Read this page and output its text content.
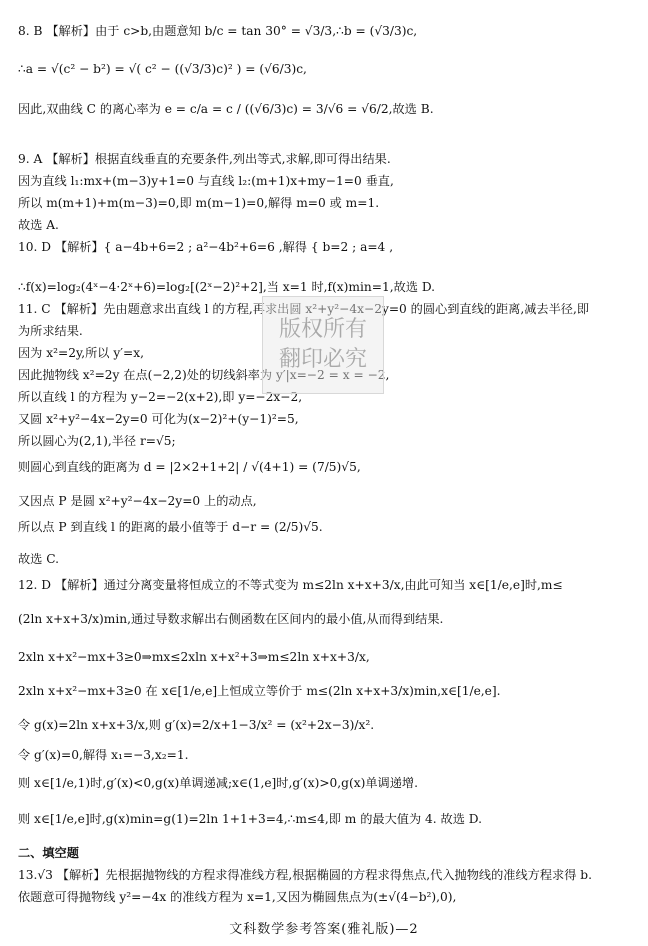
8. B 【解析】由于 c>b,由题意知 b/c = tan 30° = √3/3,∴b = (√3/3)c,
∴a = √(c² − b²) = √( c² − ((√3/3)c)² ) = (√6/3)c,
因此,双曲线 C 的离心率为 e = c/a = c / ((√6/3)c) = 3/√6 = √6/2,故选 B.
9. A 【解析】根据直线垂直的充要条件,列出等式,求解,即可得出结果.
因为直线 l₁:mx+(m−3)y+1=0 与直线 l₂:(m+1)x+my−1=0 垂直,
所以 m(m+1)+m(m−3)=0,即 m(m−1)=0,解得 m=0 或 m=1.
故选 A.
10. D 【解析】{ a−4b+6=2 ; a²−4b²+6=6 ,解得 { b=2 ; a=4 ,
∴f(x)=log₂(4ˣ−4·2ˣ+6)=log₂[(2ˣ−2)²+2],当 x=1 时,f(x)min=1,故选 D.
11. C 【解析】先由题意求出直线 l 的方程,再求出圆 x²+y²−4x−2y=0 的圆心到直线的距离,减去半径,即
为所求结果.
因为 x²=2y,所以 y′=x,
因此抛物线 x²=2y 在点(−2,2)处的切线斜率为 y′|x=−2 = x = −2,
所以直线 l 的方程为 y−2=−2(x+2),即 y=−2x−2,
又圆 x²+y²−4x−2y=0 可化为(x−2)²+(y−1)²=5,
所以圆心为(2,1),半径 r=√5;
则圆心到直线的距离为 d = |2×2+1+2| / √(4+1) = (7/5)√5,
又因点 P 是圆 x²+y²−4x−2y=0 上的动点,
所以点 P 到直线 l 的距离的最小值等于 d−r = (2/5)√5.
故选 C.
12. D 【解析】通过分离变量将恒成立的不等式变为 m≤2ln x+x+3/x,由此可知当 x∈[1/e,e]时,m≤
(2ln x+x+3/x)min,通过导数求解出右侧函数在区间内的最小值,从而得到结果.
2xln x+x²−mx+3≥0⇒mx≤2xln x+x²+3⇒m≤2ln x+x+3/x,
2xln x+x²−mx+3≥0 在 x∈[1/e,e]上恒成立等价于 m≤(2ln x+x+3/x)min,x∈[1/e,e].
令 g(x)=2ln x+x+3/x,则 g′(x)=2/x+1−3/x² = (x²+2x−3)/x².
令 g′(x)=0,解得 x₁=−3,x₂=1.
则 x∈[1/e,1)时,g′(x)<0,g(x)单调递减;x∈(1,e]时,g′(x)>0,g(x)单调递增.
则 x∈[1/e,e]时,g(x)min=g(1)=2ln 1+1+3=4,∴m≤4,即 m 的最大值为 4. 故选 D.
二、填空题
13.√3 【解析】先根据抛物线的方程求得准线方程,根据椭圆的方程求得焦点,代入抛物线的准线方程求得 b.
依题意可得抛物线 y²=−4x 的准线方程为 x=1,又因为椭圆焦点为(±√(4−b²),0),
版权所有
翻印必究
文科数学参考答案(雅礼版)—2
